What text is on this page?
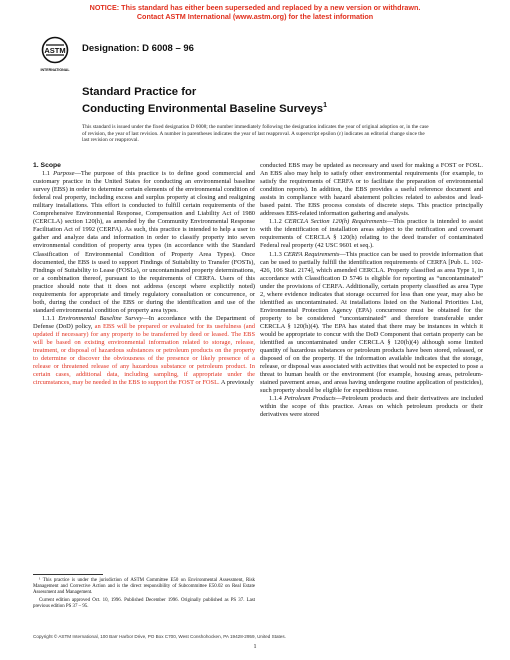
NOTICE: This standard has either been superseded and replaced by a new version or withdrawn.
Contact ASTM International (www.astm.org) for the latest information
ASTM
INTERNATIONAL
Designation: D 6008 – 96
Standard Practice for
Conducting Environmental Baseline Surveys$^1$
This standard is issued under the fixed designation D 6008; the number immediately following the designation indicates the year of original adoption or, in the case of revision, the year of last revision. A number in parentheses indicates the year of last reapproval. A superscript epsilon (ε) indicates an editorial change since the last revision or reapproval.

1. Scope

1.1 Purpose—The purpose of this practice is to define good commercial and customary practice in the United States for conducting an environmental baseline survey (EBS) in order to determine certain elements of the environmental condition of federal real property, including excess and surplus property at closing and realigning military installations. This effort is conducted to fulfill certain requirements of the Comprehensive Environmental Response, Compensation and Liability Act of 1980 (CERCLA) section 120(h), as amended by the Community Environmental Response Facilitation Act of 1992 (CERFA). As such, this practice is intended to help a user to gather and analyze data and information in order to classify property into seven environmental condition of property area types (in accordance with the Standard Classification of Environmental Condition of Property Area Types). Once documented, the EBS is used to support Findings of Suitability to Transfer (FOSTs), Findings of Suitability to Lease (FOSLs), or uncontaminated property determinations, or a combination thereof, pursuant to the requirements of CERFA. Users of this practice should note that it does not address (except where explicitly noted) requirements for appropriate and timely regulatory consultation or concurrence, or both, during the conduct of the EBS or during the identification and use of the standard environmental condition of property area types.

1.1.1 Environmental Baseline Survey—In accordance with the Department of Defense (DoD) policy, an EBS will be prepared or evaluated for its usefulness (and updated if necessary) for any property to be transferred by deed or leased. The EBS will be based on existing environmental information related to storage, release, treatment, or disposal of hazardous substances or petroleum products on the property to determine or discover the obviousness of the presence or likely presence of a release or threatened release of any hazardous substance or petroleum product. In certain cases, additional data, including sampling, if appropriate under the circumstances, may be needed in the EBS to support the FOST or FOSL. A previously

conducted EBS may be updated as necessary and used for making a FOST or FOSL. An EBS also may help to satisfy other environmental requirements (for example, to satisfy the requirements of CERFA or to facilitate the preparation of environmental condition reports). In addition, the EBS provides a useful reference document and assists in compliance with hazard abatement policies related to asbestos and lead-based paint. The EBS process consists of discrete steps. This practice principally addresses EBS-related information gathering and analysis.

1.1.2 CERCLA Section 120(h) Requirements—This practice is intended to assist with the identification of installation areas subject to the notification and covenant requirements of CERCLA § 120(h) relating to the deed transfer of contaminated Federal real property (42 USC 9601 et seq.).

1.1.3 CERFA Requirements—This practice can be used to provide information that can be used to partially fulfill the identification requirements of CERFA [Pub. L. 102-426, 106 Stat. 2174], which amended CERCLA. Property classified as area Type 1, in accordance with Classification D 5746 is eligible for reporting as “uncontaminated” under the provisions of CERFA. Additionally, certain property classified as area Type 2, where evidence indicates that storage occurred for less than one year, may also be identified as uncontaminated. At installations listed on the National Priorities List, Environmental Protection Agency (EPA) concurrence must be obtained for the property to be considered “uncontaminated” and therefore transferable under CERCLA § 120(h)(4). The EPA has stated that there may be instances in which it would be appropriate to concur with the DoD Component that certain property can be identified as uncontaminated under CERCLA § 120(h)(4) although some limited quantity of hazardous substances or petroleum products have been stored, released, or disposed of on the property. If the information available indicates that the storage, release, or disposal was associated with activities that would not be expected to pose a threat to human health or the environment (for example, housing areas, petroleum-stained pavement areas, and areas having undergone routine application of pesticides), such property should be eligible for expeditious reuse.

1.1.4 Petroleum Products—Petroleum products and their derivatives are included within the scope of this practice. Areas on which petroleum products or their derivatives were stored

¹ This practice is under the jurisdiction of ASTM Committee E50 on Environmental Assessment, Risk Management and Corrective Action and is the direct responsibility of Subcommittee E50.02 on Real Estate Assessment and Management.

Current edition approved Oct. 10, 1996. Published December 1996. Originally published as PS 37. Last previous edition PS 37 – 95.

Copyright © ASTM International, 100 Barr Harbor Drive, PO Box C700, West Conshohocken, PA 19428-2959, United States.
1
